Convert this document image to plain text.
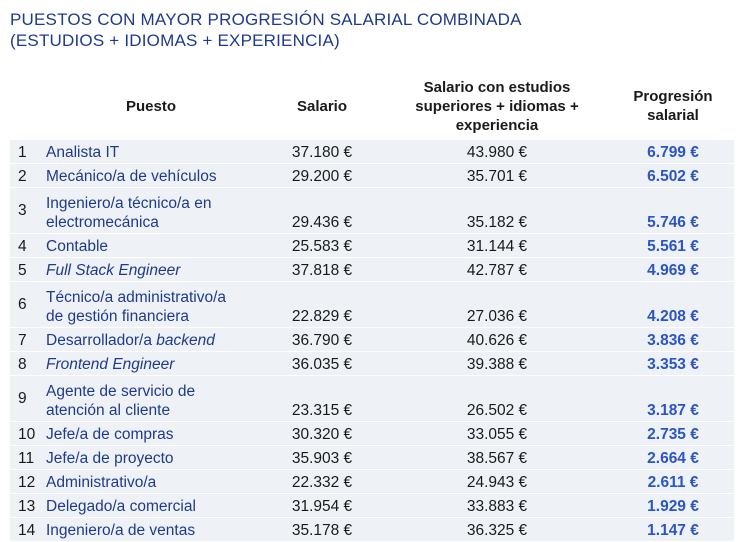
PUESTOS CON MAYOR PROGRESIÓN SALARIAL COMBINADA
(ESTUDIOS + IDIOMAS + EXPERIENCIA)
	Puesto	Salario	Salario con estudios superiores + idiomas + experiencia	Progresión salarial
1	Analista IT	37.180 €	43.980 €	6.799 €
2	Mecánico/a de vehículos	29.200 €	35.701 €	6.502 €
3	Ingeniero/a técnico/a en
electromecánica	29.436 €	35.182 €	5.746 €
4	Contable	25.583 €	31.144 €	5.561 €
5	Full Stack Engineer	37.818 €	42.787 €	4.969 €
6	Técnico/a administrativo/a
de gestión financiera	22.829 €	27.036 €	4.208 €
7	Desarrollador/a backend	36.790 €	40.626 €	3.836 €
8	Frontend Engineer	36.035 €	39.388 €	3.353 €
9	Agente de servicio de
atención al cliente	23.315 €	26.502 €	3.187 €
10	Jefe/a de compras	30.320 €	33.055 €	2.735 €
11	Jefe/a de proyecto	35.903 €	38.567 €	2.664 €
12	Administrativo/a	22.332 €	24.943 €	2.611 €
13	Delegado/a comercial	31.954 €	33.883 €	1.929 €
14	Ingeniero/a de ventas	35.178 €	36.325 €	1.147 €
